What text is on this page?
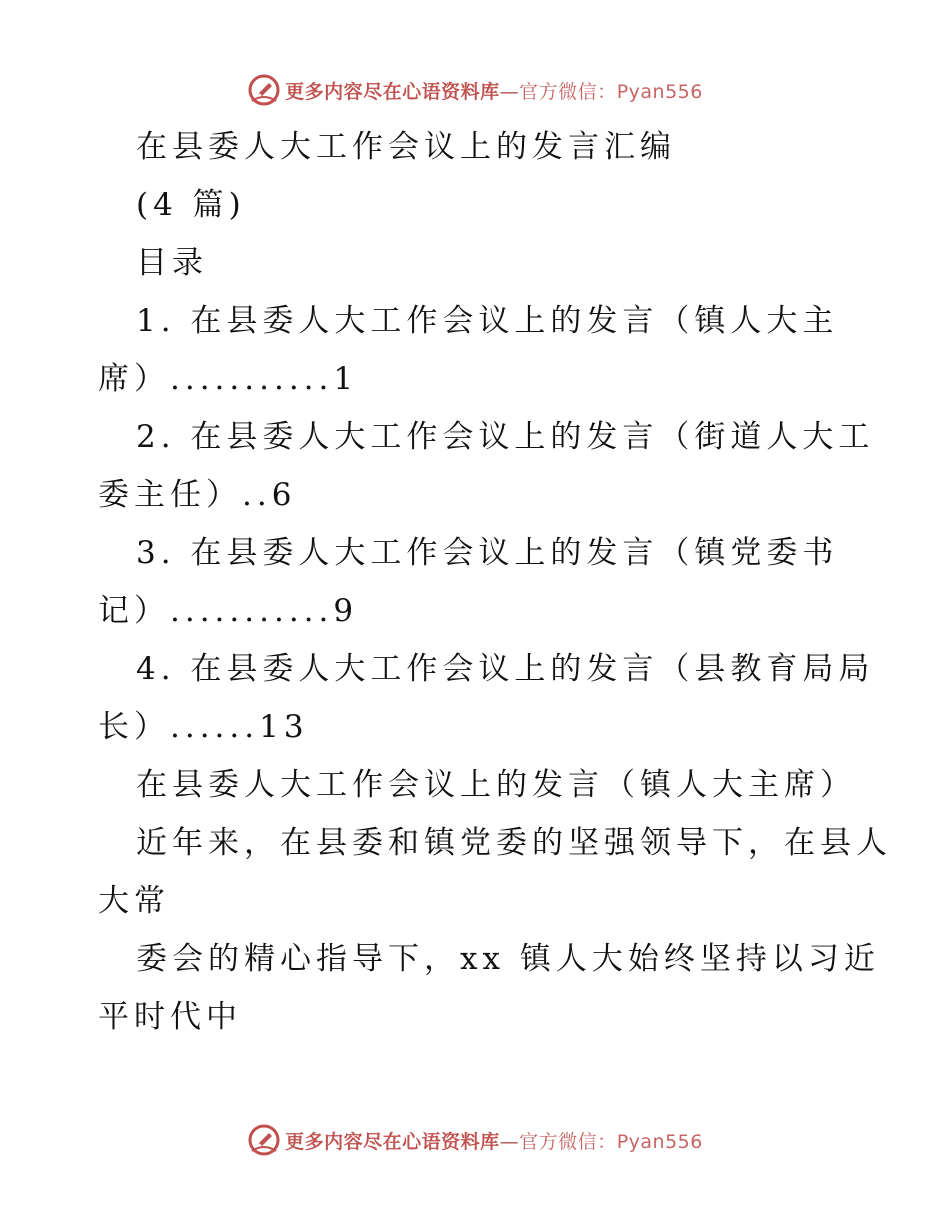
更多内容尽在心语资料库—官方微信：Pyan556
在县委人大工作会议上的发言汇编
(4 篇)
目录
1. 在县委人大工作会议上的发言（镇人大主
席）...........1
2. 在县委人大工作会议上的发言（街道人大工
委主任）..6
3. 在县委人大工作会议上的发言（镇党委书
记）...........9
4. 在县委人大工作会议上的发言（县教育局局
长）......13
在县委人大工作会议上的发言（镇人大主席）
近年来，在县委和镇党委的坚强领导下，在县人
大常
委会的精心指导下，xx 镇人大始终坚持以习近
平时代中
更多内容尽在心语资料库—官方微信：Pyan556
